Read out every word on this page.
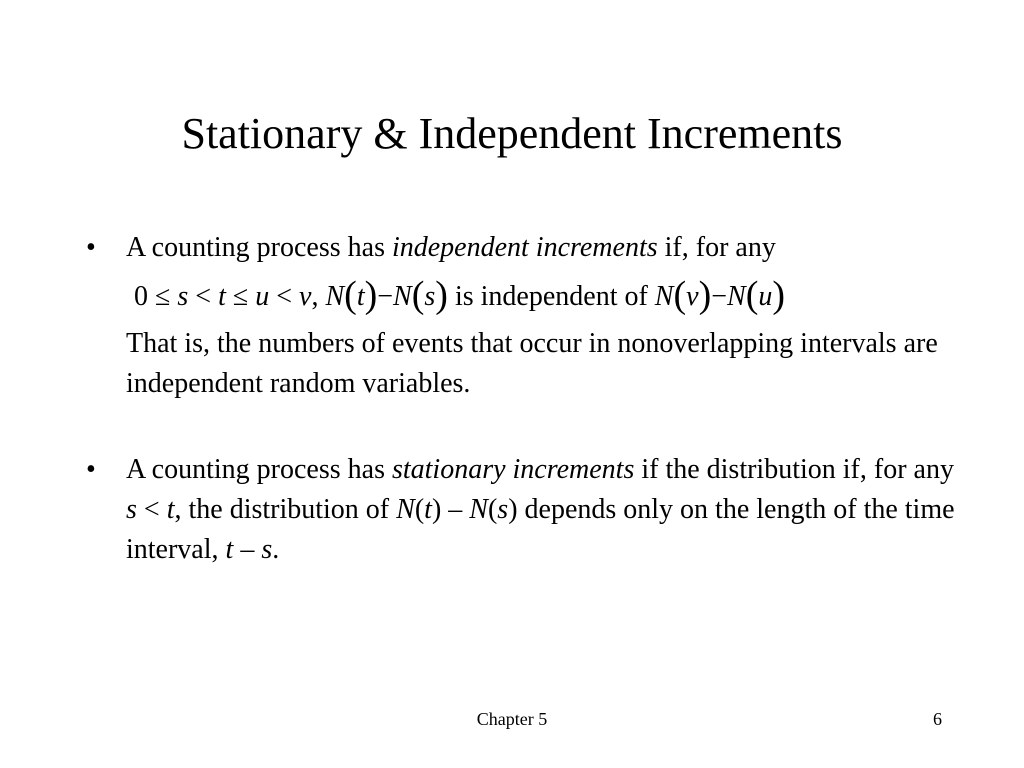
Stationary & Independent Increments
•	A counting process has independent increments if, for any
0 ≤ s < t ≤ u < v, N(t)−N(s) is independent of N(v)−N(u)
That is, the numbers of events that occur in nonoverlapping intervals are independent random variables.
•	A counting process has stationary increments if the distribution if, for any s < t, the distribution of N(t) – N(s) depends only on the length of the time interval, t – s.
Chapter 5	6
